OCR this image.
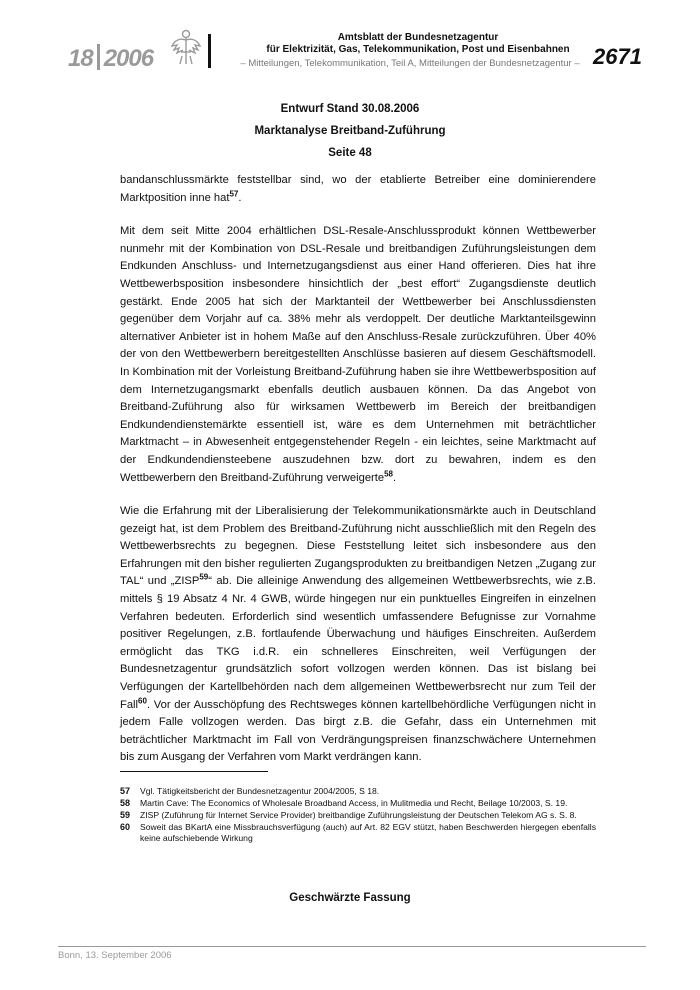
18 2006
Amtsblatt der Bundesnetzagentur
für Elektrizität, Gas, Telekommunikation, Post und Eisenbahnen
– Mitteilungen, Telekommunikation, Teil A, Mitteilungen der Bundesnetzagentur – 2671
Entwurf Stand 30.08.2006
Marktanalyse Breitband-Zuführung
Seite 48

bandanschlussmärkte feststellbar sind, wo der etablierte Betreiber eine dominierendere Marktposition inne hat$^{57}$.

Mit dem seit Mitte 2004 erhältlichen DSL-Resale-Anschlussprodukt können Wettbewerber nunmehr mit der Kombination von DSL-Resale und breitbandigen Zuführungsleistungen dem Endkunden Anschluss- und Internetzugangsdienst aus einer Hand offerieren. Dies hat ihre Wettbewerbsposition insbesondere hinsichtlich der „best effort“ Zugangsdienste deutlich gestärkt. Ende 2005 hat sich der Marktanteil der Wettbewerber bei Anschlussdiensten gegenüber dem Vorjahr auf ca. 38% mehr als verdoppelt. Der deutliche Marktanteilsgewinn alternativer Anbieter ist in hohem Maße auf den Anschluss-Resale zurückzuführen. Über 40% der von den Wettbewerbern bereitgestellten Anschlüsse basieren auf diesem Geschäftsmodell. In Kombination mit der Vorleistung Breitband-Zuführung haben sie ihre Wettbewerbsposition auf dem Internetzugangsmarkt ebenfalls deutlich ausbauen können. Da das Angebot von Breitband-Zuführung also für wirksamen Wettbewerb im Bereich der breitbandigen Endkundendienstemärkte essentiell ist, wäre es dem Unternehmen mit beträchtlicher Marktmacht – in Abwesenheit entgegenstehender Regeln - ein leichtes, seine Marktmacht auf der Endkundendiensteebene auszudehnen bzw. dort zu bewahren, indem es den Wettbewerbern den Breitband-Zuführung verweigerte$^{58}$.

Wie die Erfahrung mit der Liberalisierung der Telekommunikationsmärkte auch in Deutschland gezeigt hat, ist dem Problem des Breitband-Zuführung nicht ausschließlich mit den Regeln des Wettbewerbsrechts zu begegnen. Diese Feststellung leitet sich insbesondere aus den Erfahrungen mit den bisher regulierten Zugangsprodukten zu breitbandigen Netzen „Zugang zur TAL“ und „ZISP$^{59}$“ ab. Die alleinige Anwendung des allgemeinen Wettbewerbsrechts, wie z.B. mittels § 19 Absatz 4 Nr. 4 GWB, würde hingegen nur ein punktuelles Eingreifen in einzelnen Verfahren bedeuten. Erforderlich sind wesentlich umfassendere Befugnisse zur Vornahme positiver Regelungen, z.B. fortlaufende Überwachung und häufiges Einschreiten. Außerdem ermöglicht das TKG i.d.R. ein schnelleres Einschreiten, weil Verfügungen der Bundesnetzagentur grundsätzlich sofort vollzogen werden können. Das ist bislang bei Verfügungen der Kartellbehörden nach dem allgemeinen Wettbewerbsrecht nur zum Teil der Fall$^{60}$. Vor der Ausschöpfung des Rechtsweges können kartellbehördliche Verfügungen nicht in jedem Falle vollzogen werden. Das birgt z.B. die Gefahr, dass ein Unternehmen mit beträchtlicher Marktmacht im Fall von Verdrängungspreisen finanzschwächere Unternehmen bis zum Ausgang der Verfahren vom Markt verdrängen kann.

57	Vgl. Tätigkeitsbericht der Bundesnetzagentur 2004/2005, S 18.
58	Martin Cave: The Economics of Wholesale Broadband Access, in Mulitmedia und Recht, Beilage 10/2003, S. 19.
59	ZISP (Zuführung für Internet Service Provider) breitbandige Zuführungsleistung der Deutschen Telekom AG s. S. 8.
60	Soweit das BKartA eine Missbrauchsverfügung (auch) auf Art. 82 EGV stützt, haben Beschwerden hiergegen ebenfalls keine aufschiebende Wirkung
Geschwärzte Fassung
Bonn, 13. September 2006
